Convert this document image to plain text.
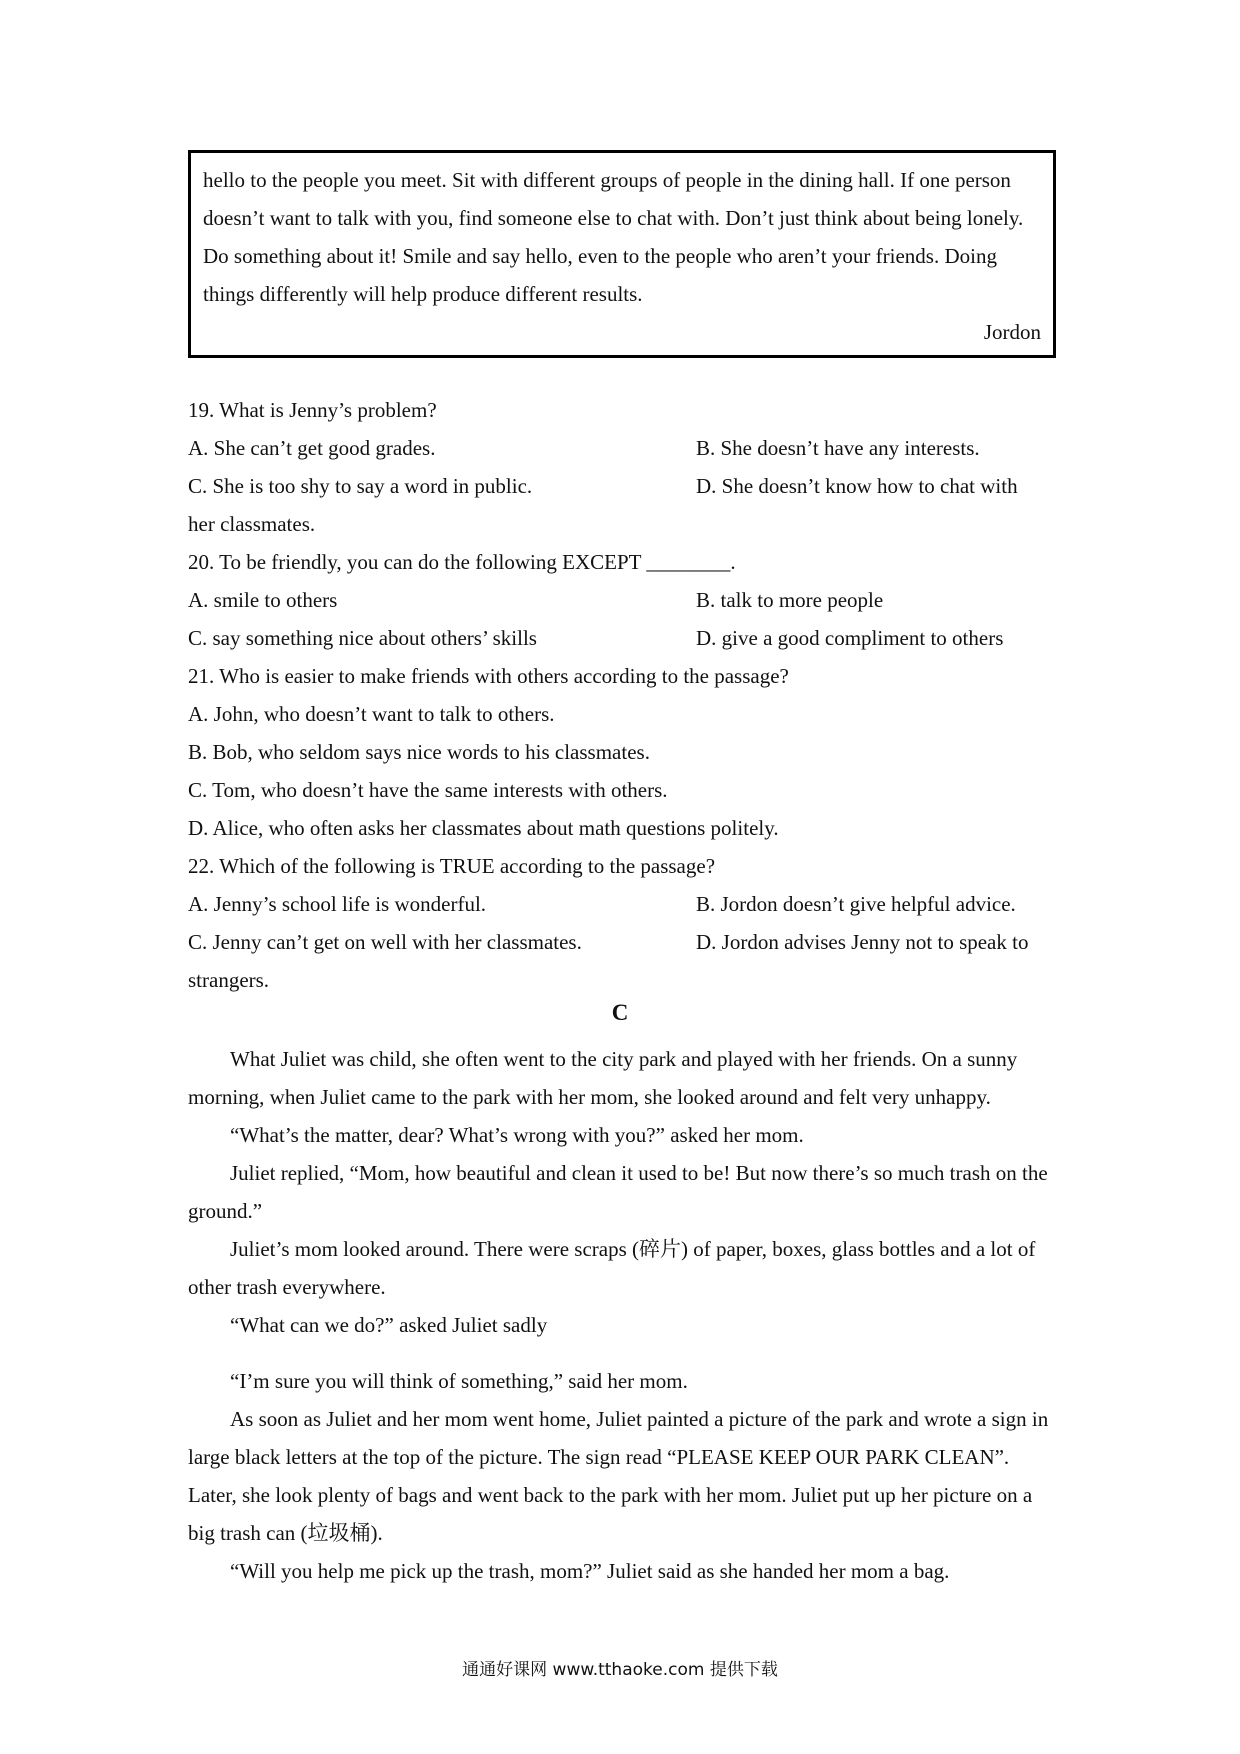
hello to the people you meet. Sit with different groups of people in the dining hall. If one person doesn’t want to talk with you, find someone else to chat with. Don’t just think about being lonely. Do something about it! Smile and say hello, even to the people who aren’t your friends. Doing things differently will help produce different results.

Jordon

19. What is Jenny’s problem?
A. She can’t get good grades.	B. She doesn’t have any interests.
C. She is too shy to say a word in public.	D. She doesn’t know how to chat with
her classmates.
20. To be friendly, you can do the following EXCEPT ________.
A. smile to others	B. talk to more people
C. say something nice about others’ skills	D. give a good compliment to others
21. Who is easier to make friends with others according to the passage?
A. John, who doesn’t want to talk to others.
B. Bob, who seldom says nice words to his classmates.
C. Tom, who doesn’t have the same interests with others.
D. Alice, who often asks her classmates about math questions politely.
22. Which of the following is TRUE according to the passage?
A. Jenny’s school life is wonderful.	B. Jordon doesn’t give helpful advice.
C. Jenny can’t get on well with her classmates.	D. Jordon advises Jenny not to speak to
strangers.
C

What Juliet was child, she often went to the city park and played with her friends. On a sunny morning, when Juliet came to the park with her mom, she looked around and felt very unhappy.

“What’s the matter, dear? What’s wrong with you?” asked her mom.

Juliet replied, “Mom, how beautiful and clean it used to be! But now there’s so much trash on the ground.”

Juliet’s mom looked around. There were scraps (碎片) of paper, boxes, glass bottles and a lot of other trash everywhere.

“What can we do?” asked Juliet sadly

“I’m sure you will think of something,” said her mom.

As soon as Juliet and her mom went home, Juliet painted a picture of the park and wrote a sign in large black letters at the top of the picture. The sign read “PLEASE KEEP OUR PARK CLEAN”. Later, she look plenty of bags and went back to the park with her mom. Juliet put up her picture on a big trash can (垃圾桶).

“Will you help me pick up the trash, mom?” Juliet said as she handed her mom a bag.

通通好课网 www.tthaoke.com 提供下载
